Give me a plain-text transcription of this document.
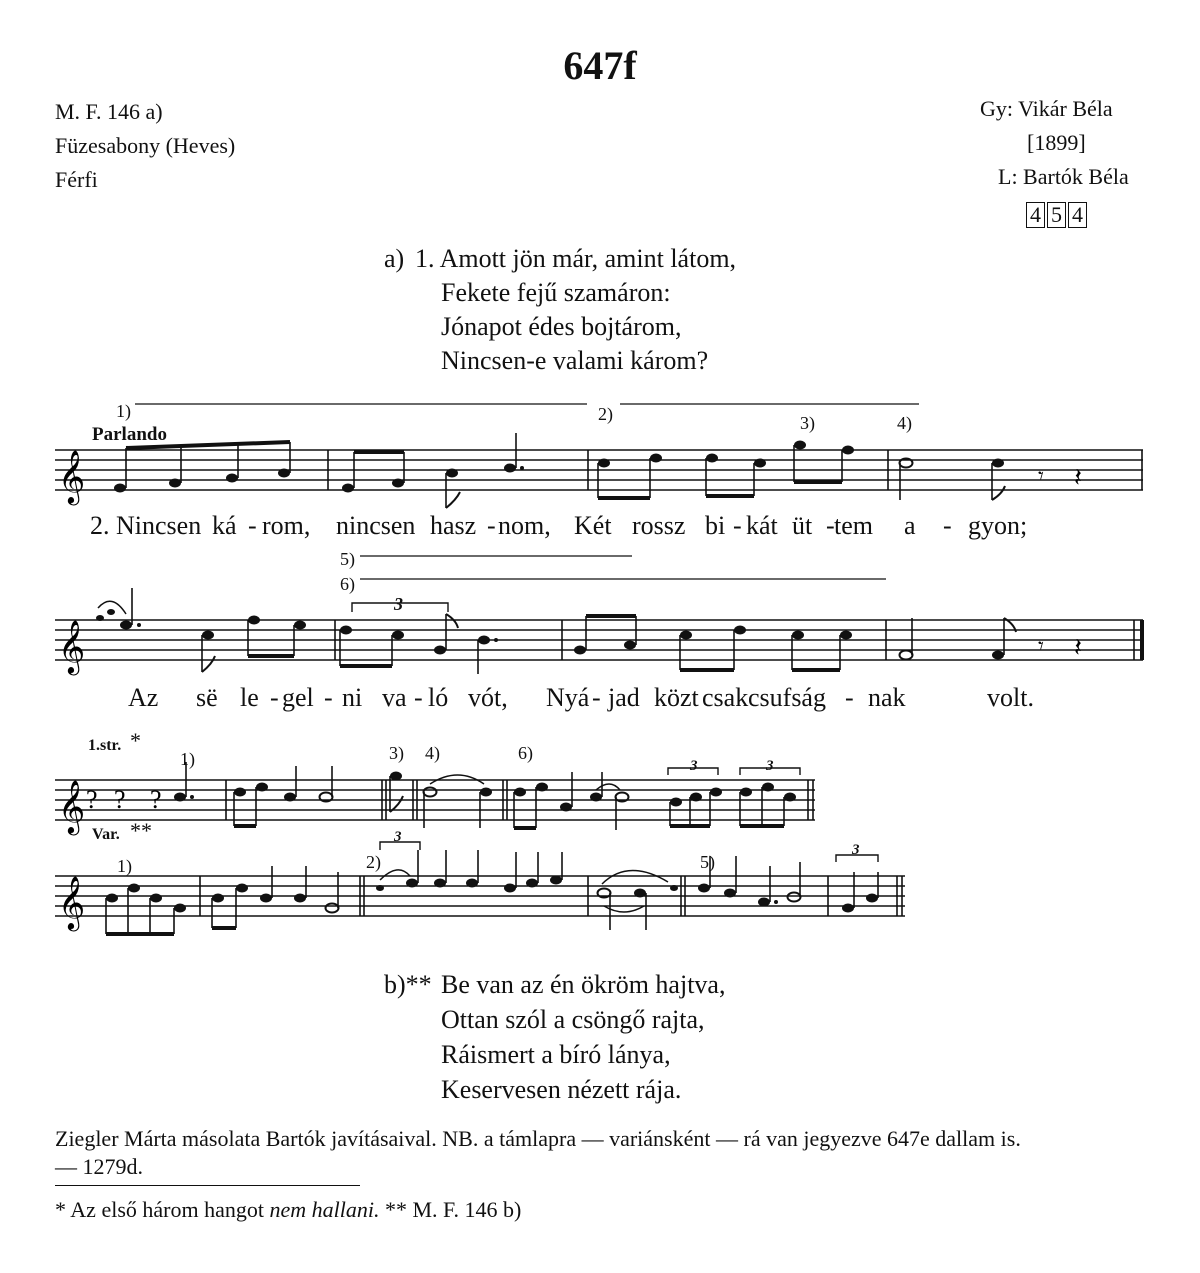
647f
M. F. 146 a)
Füzesabony (Heves)
Férfi
Gy: Vikár Béla
[1899]
L: Bartók Béla
4 5 4
a) 1. Amott jön már, amint látom,
Fekete fejű szamáron:
Jónapot édes bojtárom,
Nincsen-e valami károm?
𝄞	𝄾 𝄽
𝄞	𝄾 𝄽
𝄞 ? ? ?
𝄞
1)
Parlando
2)	3)	4)
2. Nincsen ká - rom, nincsen hasz - nom, Két rossz bi - kát üt - tem a - gyon;
5)
6)
3
Az së le - gel - ni va - ló vót, Nyá - jad közt csak csufság - nak	volt.
1.str. *
1)	3) 4)	6)
3	3
Var. **
1)	2)
3
5)
3
b)** Be van az én ökröm hajtva,
Ottan szól a csöngő rajta,
Ráismert a bíró lánya,
Keservesen nézett rája.
Ziegler Márta másolata Bartók javításaival. NB. a támlapra — variánsként — rá van jegyezve 647e dallam is.
— 1279d.
* Az első három hangot nem hallani. ** M. F. 146 b)
